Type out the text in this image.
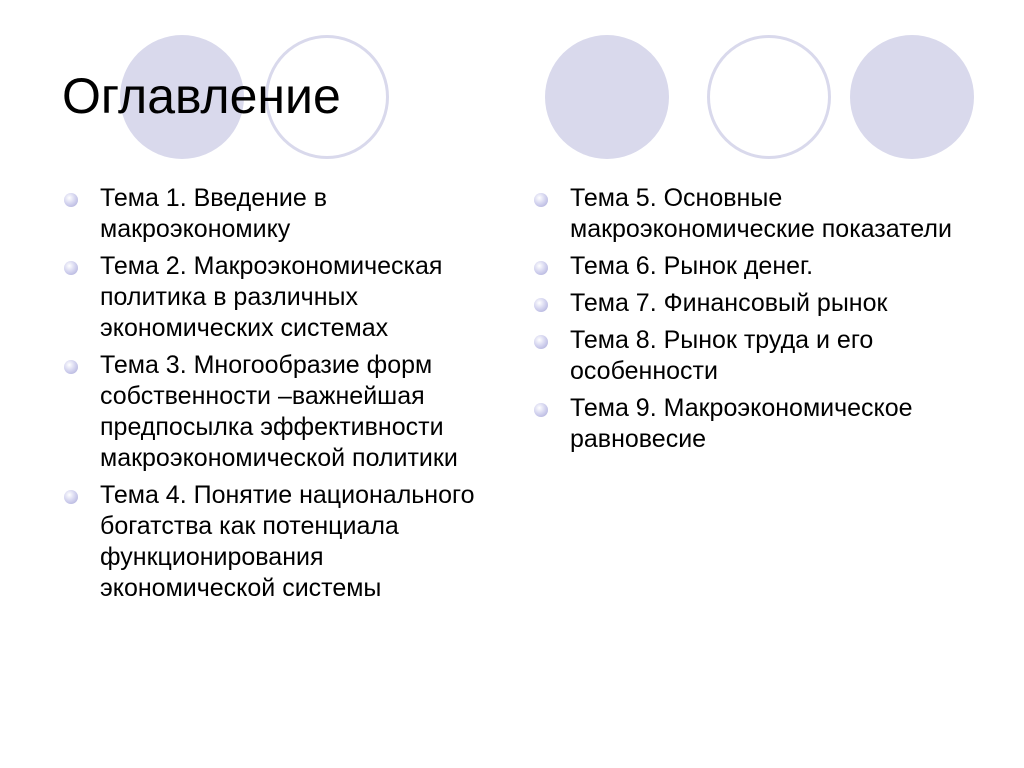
Оглавление
Тема 1. Введение в макроэкономику
Тема 2. Макроэкономическая политика в различных экономических системах
Тема 3. Многообразие форм собственности –важнейшая предпосылка эффективности макроэкономической политики
Тема 4. Понятие национального богатства как потенциала функционирования экономической системы
Тема 5. Основные макроэкономические показатели
Тема 6. Рынок денег.
Тема 7. Финансовый рынок
Тема 8. Рынок труда и его особенности
Тема 9. Макроэкономическое равновесие
